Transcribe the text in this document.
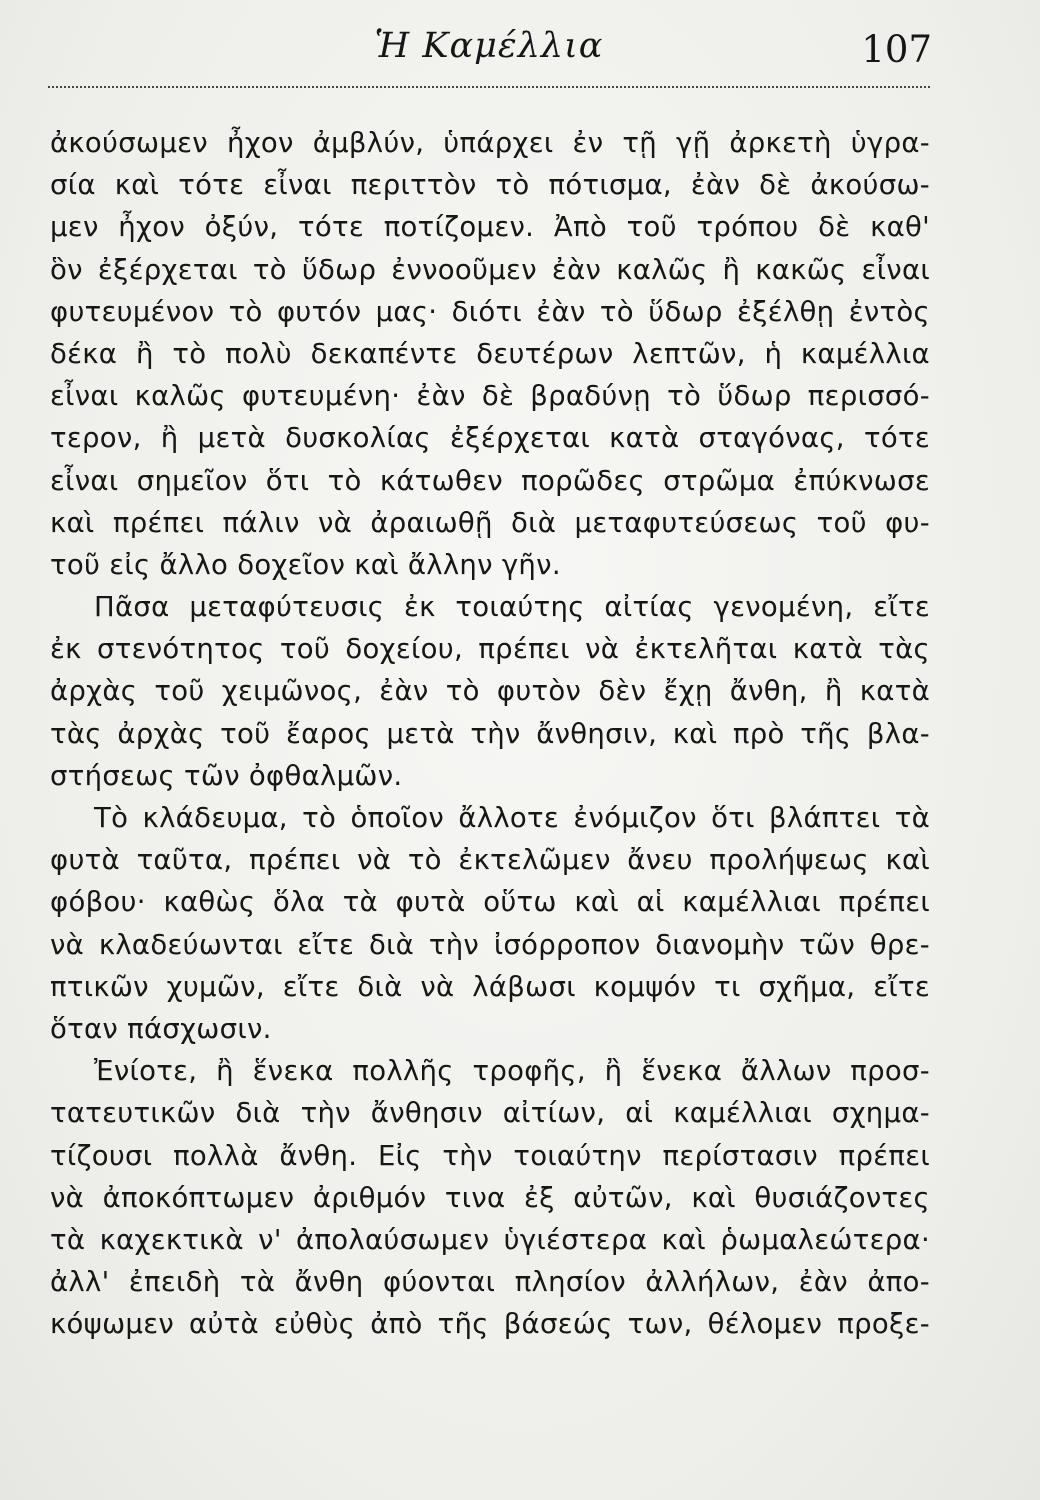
Ἡ Καμέλλια	107
ἀκούσωμεν ἦχον ἀμβλύν, ὑπάρχει ἐν τῇ γῇ ἀρκετὴ ὑγρα-
σία καὶ τότε εἶναι περιττὸν τὸ πότισμα, ἐὰν δὲ ἀκούσω-
μεν ἦχον ὀξύν, τότε ποτίζομεν. Ἀπὸ τοῦ τρόπου δὲ καθ'
ὃν ἐξέρχεται τὸ ὕδωρ ἐννοοῦμεν ἐὰν καλῶς ἢ κακῶς εἶναι
φυτευμένον τὸ φυτόν μας· διότι ἐὰν τὸ ὕδωρ ἐξέλθῃ ἐντὸς
δέκα ἢ τὸ πολὺ δεκαπέντε δευτέρων λεπτῶν, ἡ καμέλλια
εἶναι καλῶς φυτευμένη· ἐὰν δὲ βραδύνῃ τὸ ὕδωρ περισσό-
τερον, ἢ μετὰ δυσκολίας ἐξέρχεται κατὰ σταγόνας, τότε
εἶναι σημεῖον ὅτι τὸ κάτωθεν πορῶδες στρῶμα ἐπύκνωσε
καὶ πρέπει πάλιν νὰ ἀραιωθῇ διὰ μεταφυτεύσεως τοῦ φυ-
τοῦ εἰς ἄλλο δοχεῖον καὶ ἄλλην γῆν.
Πᾶσα μεταφύτευσις ἐκ τοιαύτης αἰτίας γενομένη, εἴτε
ἐκ στενότητος τοῦ δοχείου, πρέπει νὰ ἐκτελῆται κατὰ τὰς
ἀρχὰς τοῦ χειμῶνος, ἐὰν τὸ φυτὸν δὲν ἔχῃ ἄνθη, ἢ κατὰ
τὰς ἀρχὰς τοῦ ἔαρος μετὰ τὴν ἄνθησιν, καὶ πρὸ τῆς βλα-
στήσεως τῶν ὀφθαλμῶν.
Τὸ κλάδευμα, τὸ ὁποῖον ἄλλοτε ἐνόμιζον ὅτι βλάπτει τὰ
φυτὰ ταῦτα, πρέπει νὰ τὸ ἐκτελῶμεν ἄνευ προλήψεως καὶ
φόβου· καθὼς ὅλα τὰ φυτὰ οὕτω καὶ αἱ καμέλλιαι πρέπει
νὰ κλαδεύωνται εἴτε διὰ τὴν ἰσόρροπον διανομὴν τῶν θρε-
πτικῶν χυμῶν, εἴτε διὰ νὰ λάβωσι κομψόν τι σχῆμα, εἴτε
ὅταν πάσχωσιν.
Ἐνίοτε, ἢ ἕνεκα πολλῆς τροφῆς, ἢ ἕνεκα ἄλλων προσ-
τατευτικῶν διὰ τὴν ἄνθησιν αἰτίων, αἱ καμέλλιαι σχημα-
τίζουσι πολλὰ ἄνθη. Εἰς τὴν τοιαύτην περίστασιν πρέπει
νὰ ἀποκόπτωμεν ἀριθμόν τινα ἐξ αὐτῶν, καὶ θυσιάζοντες
τὰ καχεκτικὰ ν' ἀπολαύσωμεν ὑγιέστερα καὶ ῥωμαλεώτερα·
ἀλλ' ἐπειδὴ τὰ ἄνθη φύονται πλησίον ἀλλήλων, ἐὰν ἀπο-
κόψωμεν αὐτὰ εὐθὺς ἀπὸ τῆς βάσεώς των, θέλομεν προξε-
